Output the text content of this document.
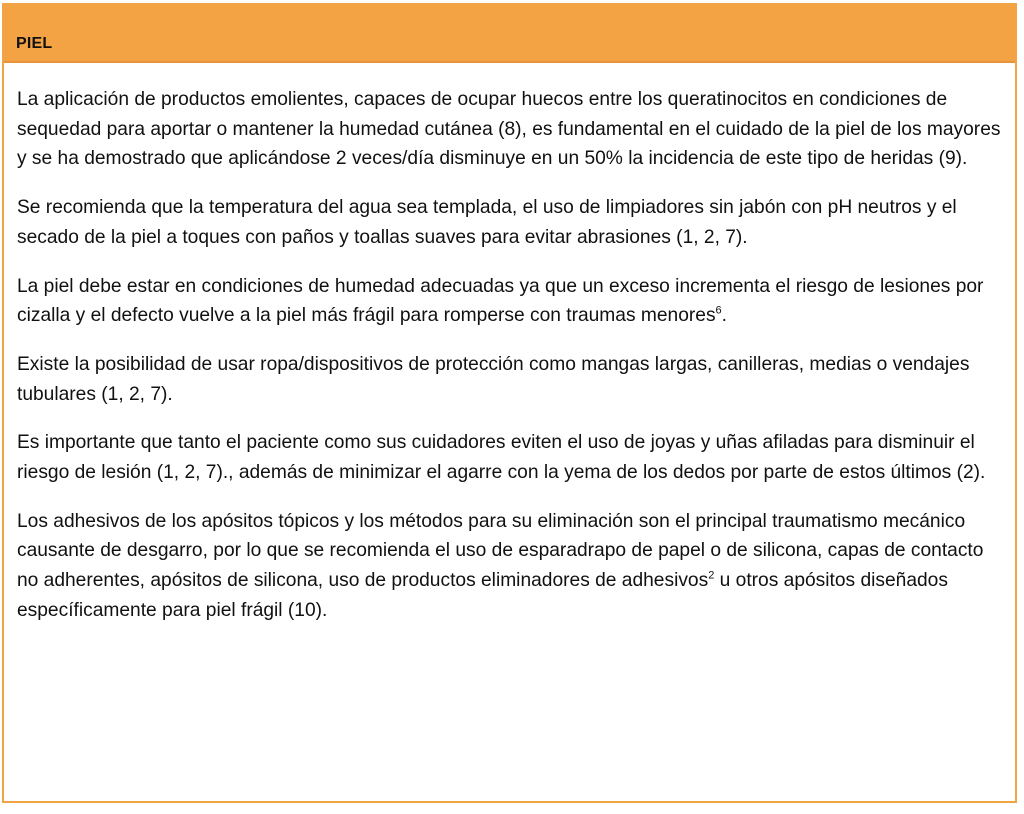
PIEL

La aplicación de productos emolientes, capaces de ocupar huecos entre los queratinocitos en condiciones de sequedad para aportar o mantener la humedad cutánea (8), es fundamental en el cuidado de la piel de los mayores y se ha demostrado que aplicándose 2 veces/día disminuye en un 50% la incidencia de este tipo de heridas (9).

Se recomienda que la temperatura del agua sea templada, el uso de limpiadores sin jabón con pH neutros y el secado de la piel a toques con paños y toallas suaves para evitar abrasiones (1, 2, 7).

La piel debe estar en condiciones de humedad adecuadas ya que un exceso incrementa el riesgo de lesiones por cizalla y el defecto vuelve a la piel más frágil para romperse con traumas menores$^6$.

Existe la posibilidad de usar ropa/dispositivos de protección como mangas largas, canilleras, medias o vendajes tubulares (1, 2, 7).

Es importante que tanto el paciente como sus cuidadores eviten el uso de joyas y uñas afiladas para disminuir el riesgo de lesión (1, 2, 7)., además de minimizar el agarre con la yema de los dedos por parte de estos últimos (2).

Los adhesivos de los apósitos tópicos y los métodos para su eliminación son el principal traumatismo mecánico causante de desgarro, por lo que se recomienda el uso de esparadrapo de papel o de silicona, capas de contacto no adherentes, apósitos de silicona, uso de productos eliminadores de adhesivos$^2$ u otros apósitos diseñados específicamente para piel frágil (10).
